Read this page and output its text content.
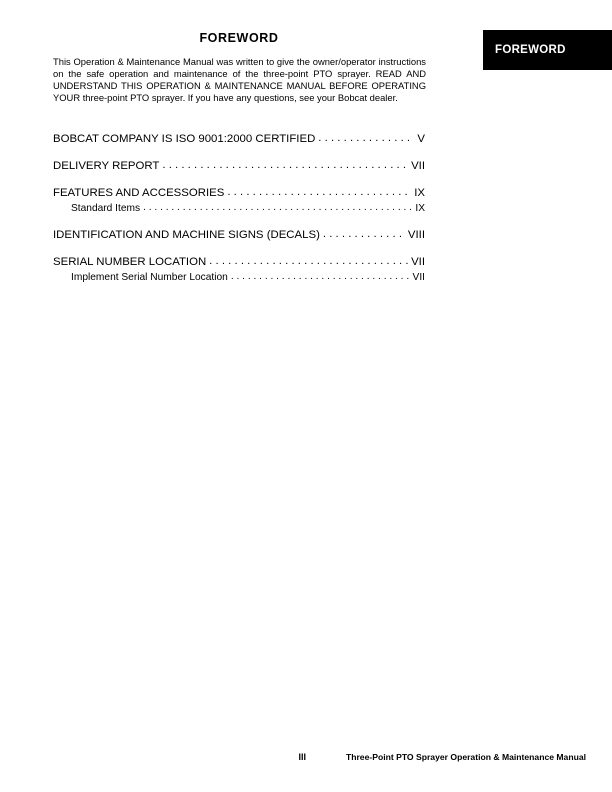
FOREWORD
FOREWORD
This Operation & Maintenance Manual was written to give the owner/operator instructions on the safe operation and maintenance of the three-point PTO sprayer. READ AND UNDERSTAND THIS OPERATION & MAINTENANCE MANUAL BEFORE OPERATING YOUR three-point PTO sprayer. If you have any questions, see your Bobcat dealer.
BOBCAT COMPANY IS ISO 9001:2000 CERTIFIED . . .	V
DELIVERY REPORT . . .	VII
FEATURES AND ACCESSORIES . . .	IX
Standard Items . . .	IX
IDENTIFICATION AND MACHINE SIGNS (DECALS) . . .	VIII
SERIAL NUMBER LOCATION . . .	VII
Implement Serial Number Location . . .	VII
III	Three-Point PTO Sprayer Operation & Maintenance Manual
